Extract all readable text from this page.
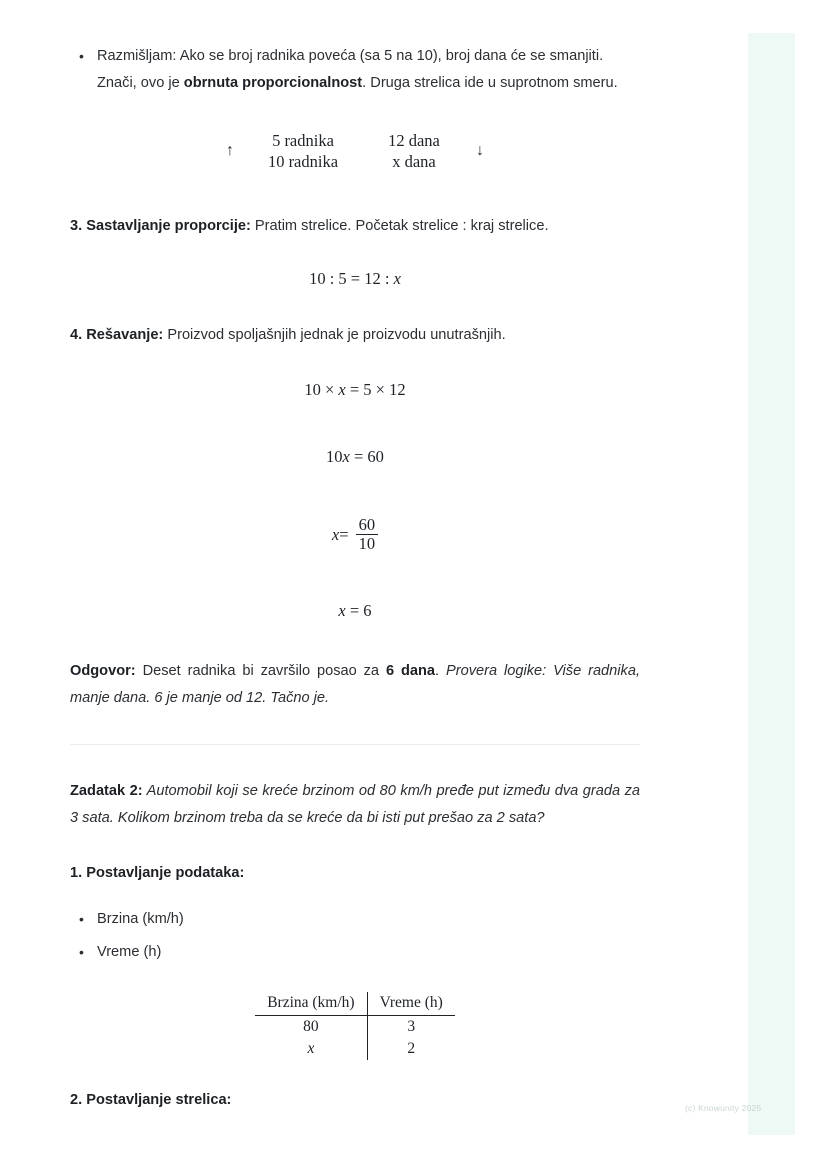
• Razmišljam: Ako se broj radnika poveća (sa 5 na 10), broj dana će se smanjiti. Znači, ovo je obrnuta proporcionalnost. Druga strelica ide u suprotnom smeru.
↑
5 radnika	12 dana
10 radnika	x dana
↓
3. Sastavljanje proporcije: Pratim strelice. Početak strelice : kraj strelice.
10 : 5 = 12 : x
4. Rešavanje: Proizvod spoljašnjih jednak je proizvodu unutrašnjih.
10 × x = 5 × 12
10x = 60
$x = \frac{60}{10}$
x = 6
Odgovor: Deset radnika bi završilo posao za 6 dana. Provera logike: Više radnika, manje dana. 6 je manje od 12. Tačno je.
Zadatak 2: Automobil koji se kreće brzinom od 80 km/h pređe put između dva grada za 3 sata. Kolikom brzinom treba da se kreće da bi isti put prešao za 2 sata?
1. Postavljanje podataka:
• Brzina (km/h)
• Vreme (h)
Brzina (km/h)	Vreme (h)
80	3
x	2
2. Postavljanje strelica:
(c) Knowunity 2025
